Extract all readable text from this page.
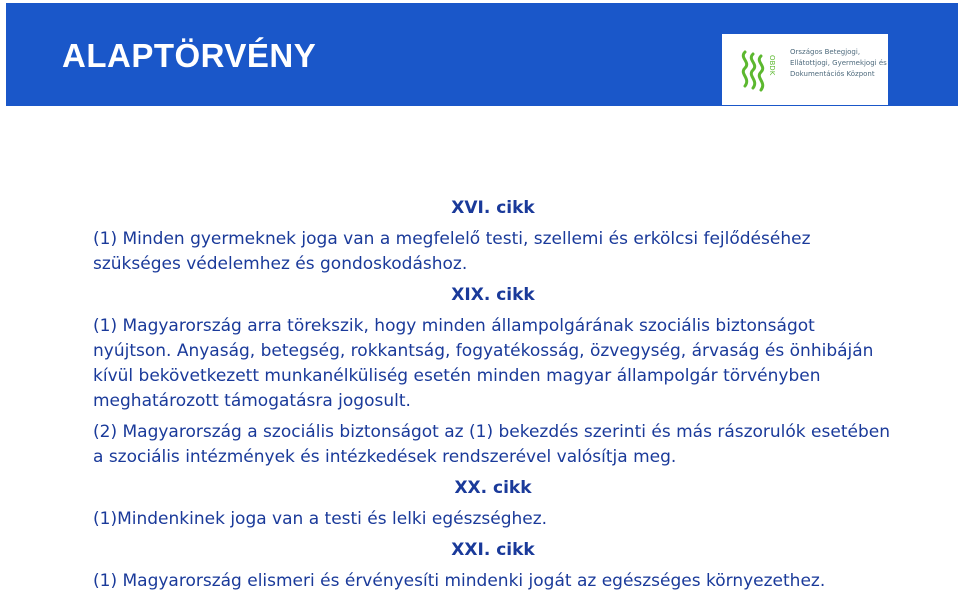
ALAPTÖRVÉNY	OBDK
Országos Betegjogi,
Ellátottjogi, Gyermekjogi és
Dokumentációs Központ
XVI. cikk
(1) Minden gyermeknek joga van a megfelelő testi, szellemi és erkölcsi fejlődéséhez szükséges védelemhez és gondoskodáshoz.
XIX. cikk
(1) Magyarország arra törekszik, hogy minden állampolgárának szociális biztonságot nyújtson. Anyaság, betegség, rokkantság, fogyatékosság, özvegység, árvaság és önhibáján kívül bekövetkezett munkanélküliség esetén minden magyar állampolgár törvényben meghatározott támogatásra jogosult.
(2) Magyarország a szociális biztonságot az (1) bekezdés szerinti és más rászorulók esetében a szociális intézmények és intézkedések rendszerével valósítja meg.
XX. cikk
(1)Mindenkinek joga van a testi és lelki egészséghez.
XXI. cikk
(1) Magyarország elismeri és érvényesíti mindenki jogát az egészséges környezethez.
